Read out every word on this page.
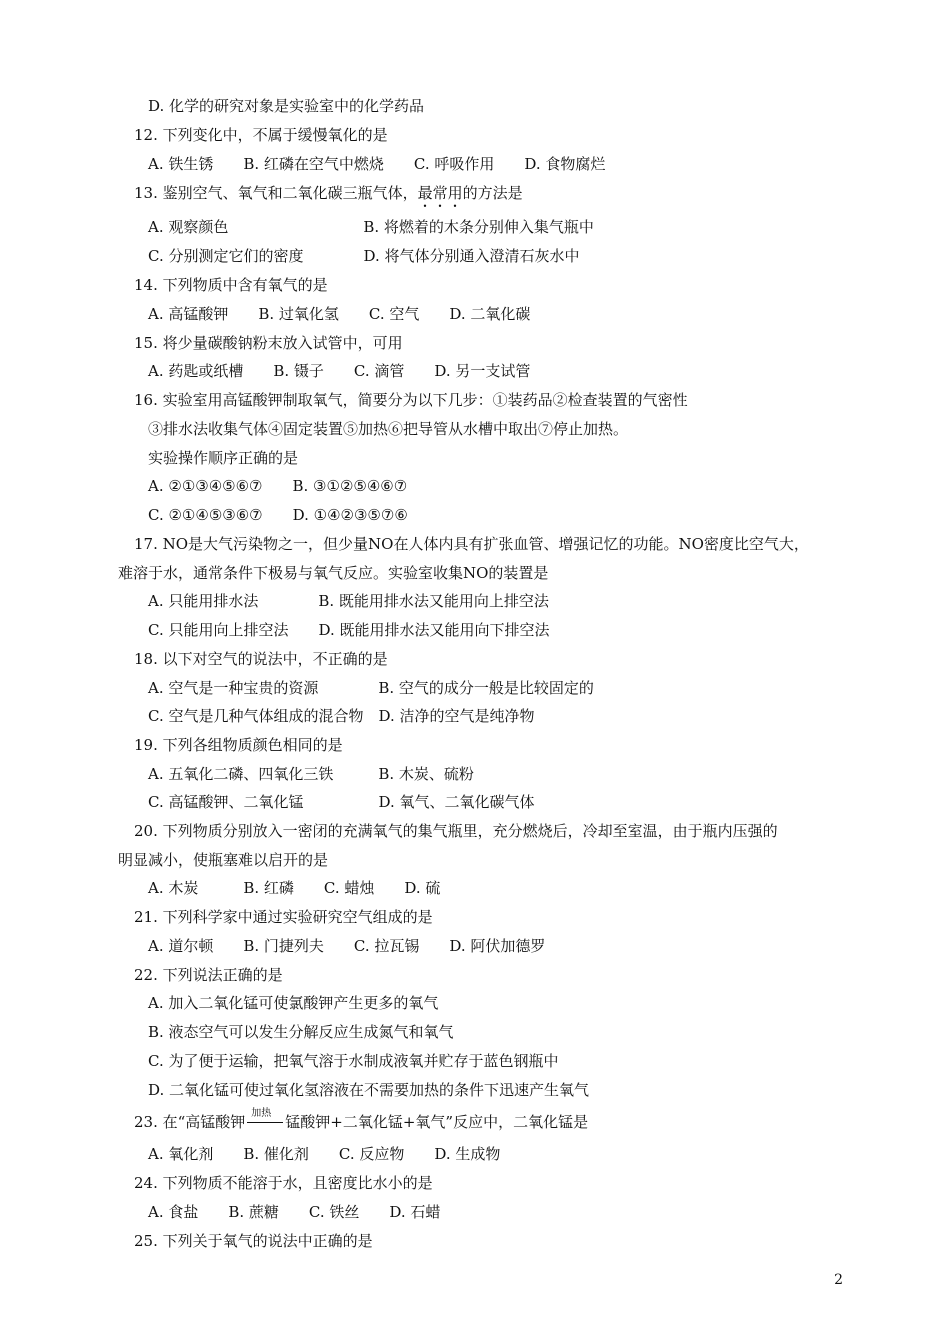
D. 化学的研究对象是实验室中的化学药品
12. 下列变化中，不属于缓慢氧化的是
A. 铁生锈　　B. 红磷在空气中燃烧　　C. 呼吸作用　　D. 食物腐烂
13. 鉴别空气、氧气和二氧化碳三瓶气体，最常用的方法是
A. 观察颜色　　　　　　　　　B. 将燃着的木条分别伸入集气瓶中
C. 分别测定它们的密度　　　　D. 将气体分别通入澄清石灰水中
14. 下列物质中含有氧气的是
A. 高锰酸钾　　B. 过氧化氢　　C. 空气　　D. 二氧化碳
15. 将少量碳酸钠粉末放入试管中，可用
A. 药匙或纸槽　　B. 镊子　　C. 滴管　　D. 另一支试管
16. 实验室用高锰酸钾制取氧气，简要分为以下几步：①装药品②检查装置的气密性
③排水法收集气体④固定装置⑤加热⑥把导管从水槽中取出⑦停止加热。
实验操作顺序正确的是
A. ②①③④⑤⑥⑦　　B. ③①②⑤④⑥⑦
C. ②①④⑤③⑥⑦　　D. ①④②③⑤⑦⑥
17. NO是大气污染物之一，但少量NO在人体内具有扩张血管、增强记忆的功能。NO密度比空气大，
难溶于水，通常条件下极易与氧气反应。实验室收集NO的装置是
A. 只能用排水法　　　　B. 既能用排水法又能用向上排空法
C. 只能用向上排空法　　D. 既能用排水法又能用向下排空法
18. 以下对空气的说法中，不正确的是
A. 空气是一种宝贵的资源　　　　B. 空气的成分一般是比较固定的
C. 空气是几种气体组成的混合物　D. 洁净的空气是纯净物
19. 下列各组物质颜色相同的是
A. 五氧化二磷、四氧化三铁　　　B. 木炭、硫粉
C. 高锰酸钾、二氧化锰　　　　　D. 氧气、二氧化碳气体
20. 下列物质分别放入一密闭的充满氧气的集气瓶里，充分燃烧后，冷却至室温，由于瓶内压强的
明显减小，使瓶塞难以启开的是
A. 木炭　　　B. 红磷　　C. 蜡烛　　D. 硫
21. 下列科学家中通过实验研究空气组成的是
A. 道尔顿　　B. 门捷列夫　　C. 拉瓦锡　　D. 阿伏加德罗
22. 下列说法正确的是
A. 加入二氧化锰可使氯酸钾产生更多的氧气
B. 液态空气可以发生分解反应生成氮气和氧气
C. 为了便于运输，把氧气溶于水制成液氧并贮存于蓝色钢瓶中
D. 二氧化锰可使过氧化氢溶液在不需要加热的条件下迅速产生氧气
23. 在“高锰酸钾 加热 锰酸钾+二氧化锰+氧气”反应中，二氧化锰是
A. 氧化剂　　B. 催化剂　　C. 反应物　　D. 生成物
24. 下列物质不能溶于水，且密度比水小的是
A. 食盐　　B. 蔗糖　　C. 铁丝　　D. 石蜡
25. 下列关于氧气的说法中正确的是
2
